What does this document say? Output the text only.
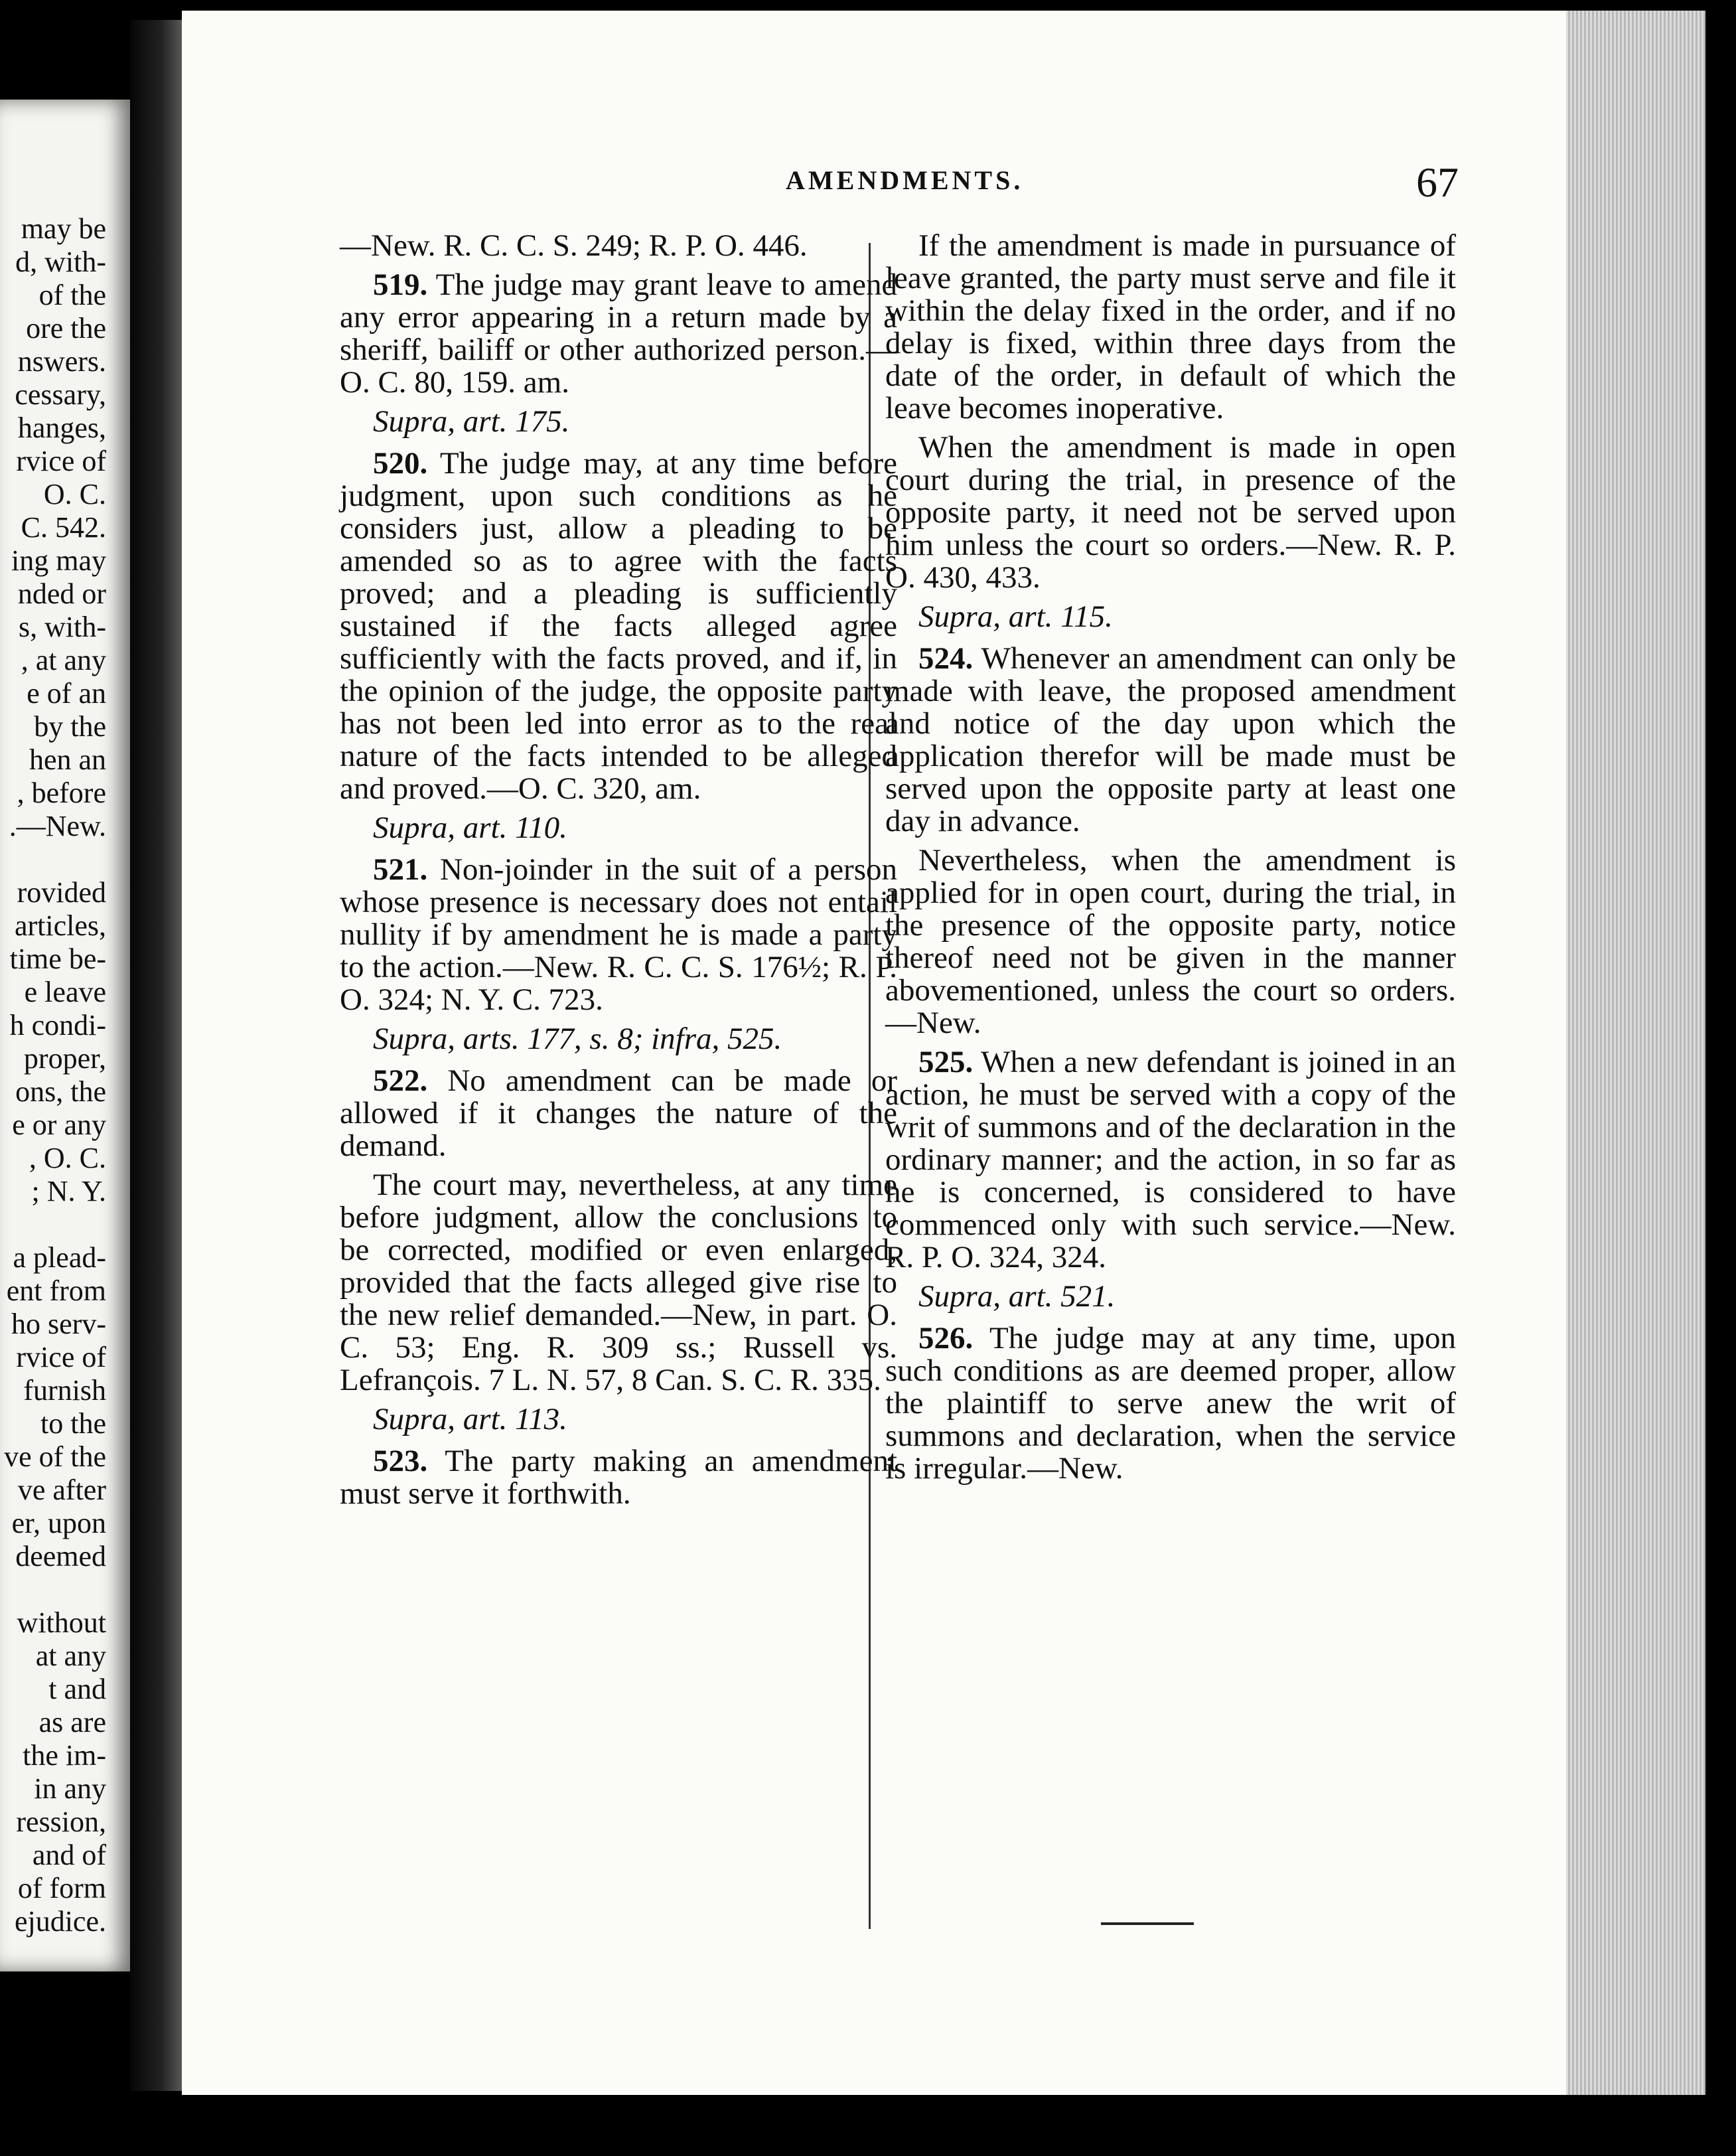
may be
d, with-
of the
ore the
nswers.
cessary,
hanges,
rvice of
O. C.
C. 542.
ing may
nded or
s, with-
, at any
e of an
by the
hen an
, before
.—New.
rovided
articles,
time be-
e leave
h condi-
proper,
ons, the
e or any
, O. C.
; N. Y.
a plead-
ent from
ho serv-
rvice of
furnish
to the
ve of the
ve after
er, upon
deemed
without
at any
t and
as are
the im-
in any
ression,
and of
of form
ejudice.
AMENDMENTS.	67

—New. R. C. C. S. 249; R. P. O. 446.

519. The judge may grant leave to amend any error appearing in a return made by a sheriff, bailiff or other authorized person.—O. C. 80, 159. am.

Supra, art. 175.

520. The judge may, at any time before judgment, upon such conditions as he considers just, allow a pleading to be amended so as to agree with the facts proved; and a pleading is sufficiently sustained if the facts alleged agree sufficiently with the facts proved, and if, in the opinion of the judge, the opposite party has not been led into error as to the real nature of the facts intended to be alleged and proved.—O. C. 320, am.

Supra, art. 110.

521. Non-joinder in the suit of a person whose presence is necessary does not entail nullity if by amendment he is made a party to the action.—New. R. C. C. S. 176½; R. P. O. 324; N. Y. C. 723.

Supra, arts. 177, s. 8; infra, 525.

522. No amendment can be made or allowed if it changes the nature of the demand.

The court may, nevertheless, at any time before judgment, allow the conclusions to be corrected, modified or even enlarged, provided that the facts alleged give rise to the new relief demanded.—New, in part. O. C. 53; Eng. R. 309 ss.; Russell vs. Lefrançois. 7 L. N. 57, 8 Can. S. C. R. 335.

Supra, art. 113.

523. The party making an amendment must serve it forthwith.

If the amendment is made in pursuance of leave granted, the party must serve and file it within the delay fixed in the order, and if no delay is fixed, within three days from the date of the order, in default of which the leave becomes inoperative.

When the amendment is made in open court during the trial, in presence of the opposite party, it need not be served upon him unless the court so orders.—New. R. P. O. 430, 433.

Supra, art. 115.

524. Whenever an amendment can only be made with leave, the proposed amendment and notice of the day upon which the application therefor will be made must be served upon the opposite party at least one day in advance.

Nevertheless, when the amendment is applied for in open court, during the trial, in the presence of the opposite party, notice thereof need not be given in the manner abovementioned, unless the court so orders.—New.

525. When a new defendant is joined in an action, he must be served with a copy of the writ of summons and of the declaration in the ordinary manner; and the action, in so far as he is concerned, is considered to have commenced only with such service.—New. R. P. O. 324, 324.

Supra, art. 521.

526. The judge may at any time, upon such conditions as are deemed proper, allow the plaintiff to serve anew the writ of summons and declaration, when the service is irregular.—New.
